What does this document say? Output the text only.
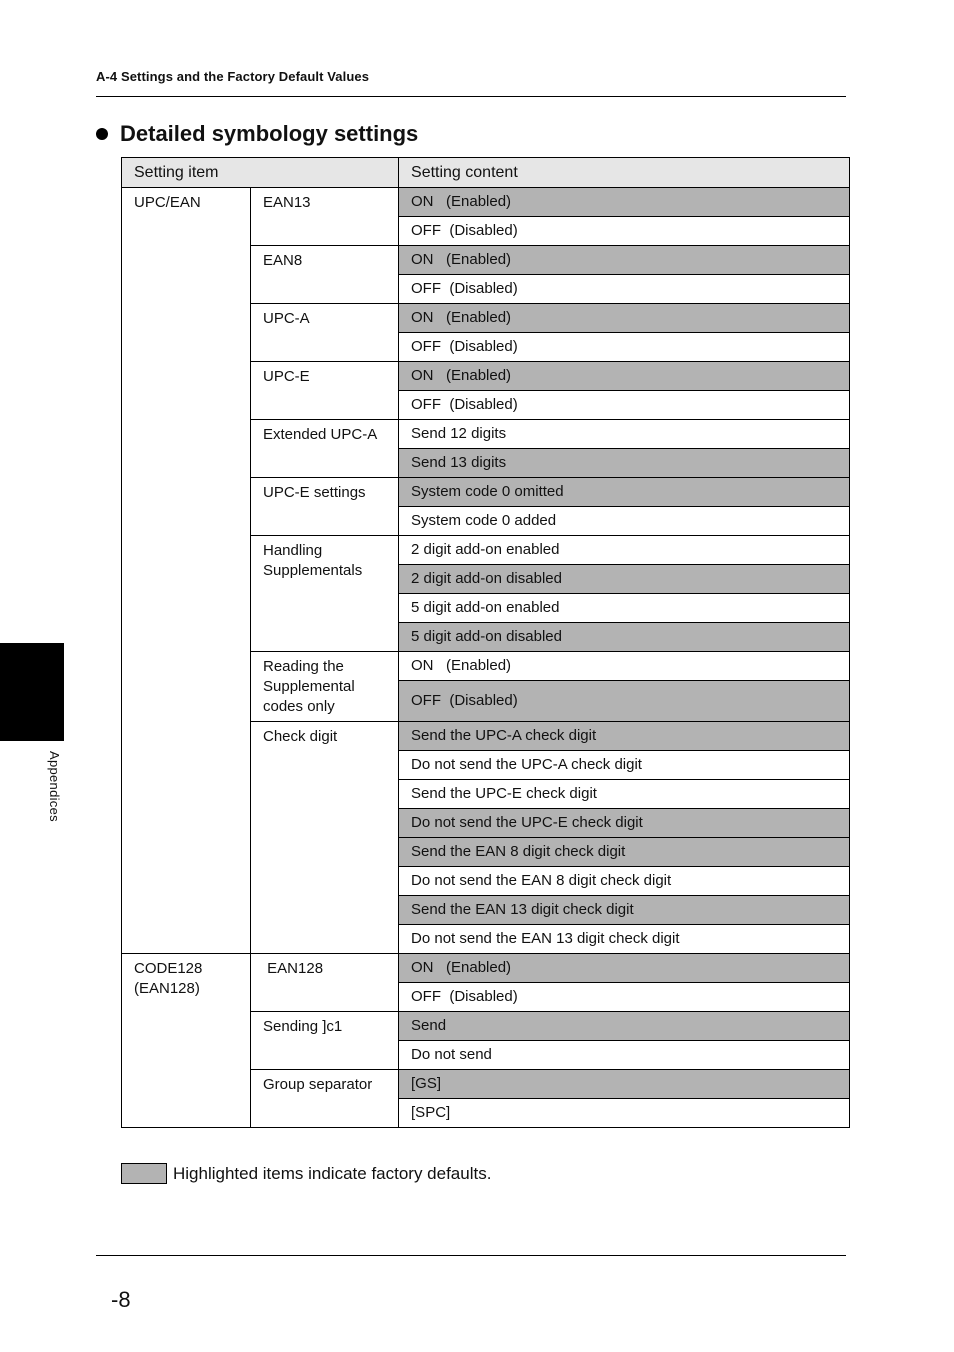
A-4 Settings and the Factory Default Values
Detailed symbology settings
Appendices
Setting item		Setting content
UPC/EAN	EAN13	ON   (Enabled)
		OFF  (Disabled)
	EAN8	ON   (Enabled)
		OFF  (Disabled)
	UPC-A	ON   (Enabled)
		OFF  (Disabled)
	UPC-E	ON   (Enabled)
		OFF  (Disabled)
	Extended UPC-A	Send 12 digits
		Send 13 digits
	UPC-E settings	System code 0 omitted
		System code 0 added
	Handling Supplementals	2 digit add-on enabled
		2 digit add-on disabled
		5 digit add-on enabled
		5 digit add-on disabled
	Reading the Supplemental codes only	ON   (Enabled)
		OFF  (Disabled)
	Check digit	Send the UPC-A check digit
		Do not send the UPC-A check digit
		Send the UPC-E check digit
		Do not send the UPC-E check digit
		Send the EAN 8 digit check digit
		Do not send the EAN 8 digit check digit
		Send the EAN 13 digit check digit
		Do not send the EAN 13 digit check digit
CODE128 (EAN128)	EAN128	ON   (Enabled)
		OFF  (Disabled)
	Sending ]c1	Send
		Do not send
	Group separator	[GS]
		[SPC]
Highlighted items indicate factory defaults.
-8
